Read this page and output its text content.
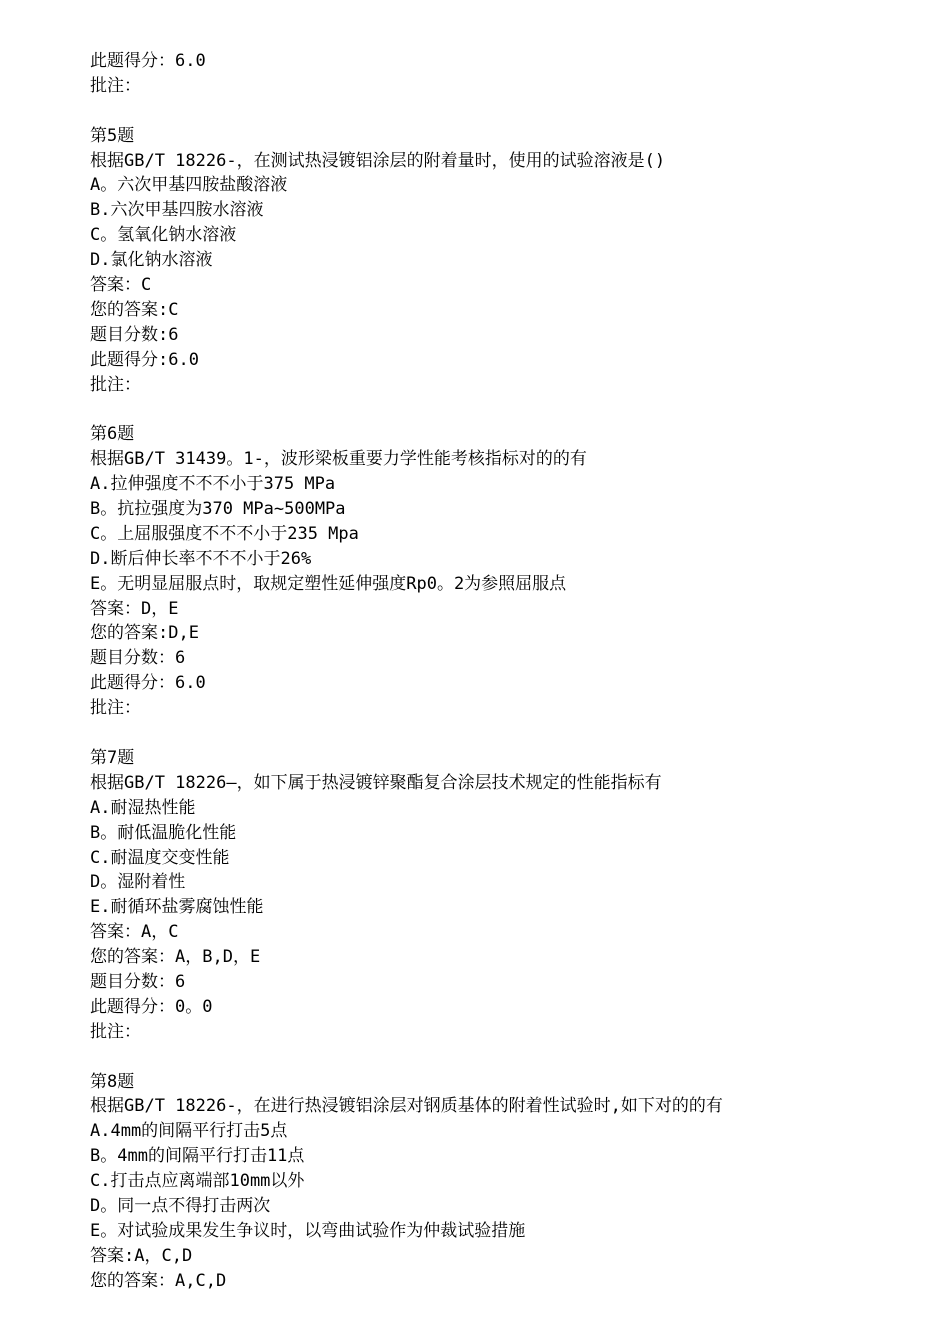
此题得分：6.0
批注：
第5题
根据GB/T 18226-，在测试热浸镀铝涂层的附着量时，使用的试验溶液是()
A。六次甲基四胺盐酸溶液
B.六次甲基四胺水溶液
C。氢氧化钠水溶液
D.氯化钠水溶液
答案：C
您的答案:C
题目分数:6
此题得分:6.0
批注：
第6题
根据GB/T 31439。1-，波形梁板重要力学性能考核指标对的的有
A.拉伸强度不不不小于375 MPa
B。抗拉强度为370 MPa~500MPa
C。上屈服强度不不不小于235 Mpa
D.断后伸长率不不不小于26%
E。无明显屈服点时，取规定塑性延伸强度Rp0。2为参照屈服点
答案：D，E
您的答案:D,E
题目分数：6
此题得分：6.0
批注：
第7题
根据GB/T 18226—，如下属于热浸镀锌聚酯复合涂层技术规定的性能指标有
A.耐湿热性能
B。耐低温脆化性能
C.耐温度交变性能
D。湿附着性
E.耐循环盐雾腐蚀性能
答案：A，C
您的答案：A，B,D，E
题目分数：6
此题得分：0。0
批注：
第8题
根据GB/T 18226-，在进行热浸镀铝涂层对钢质基体的附着性试验时,如下对的的有
A.4mm的间隔平行打击5点
B。4mm的间隔平行打击11点
C.打击点应离端部10mm以外
D。同一点不得打击两次
E。对试验成果发生争议时，以弯曲试验作为仲裁试验措施
答案:A，C,D
您的答案：A,C,D
